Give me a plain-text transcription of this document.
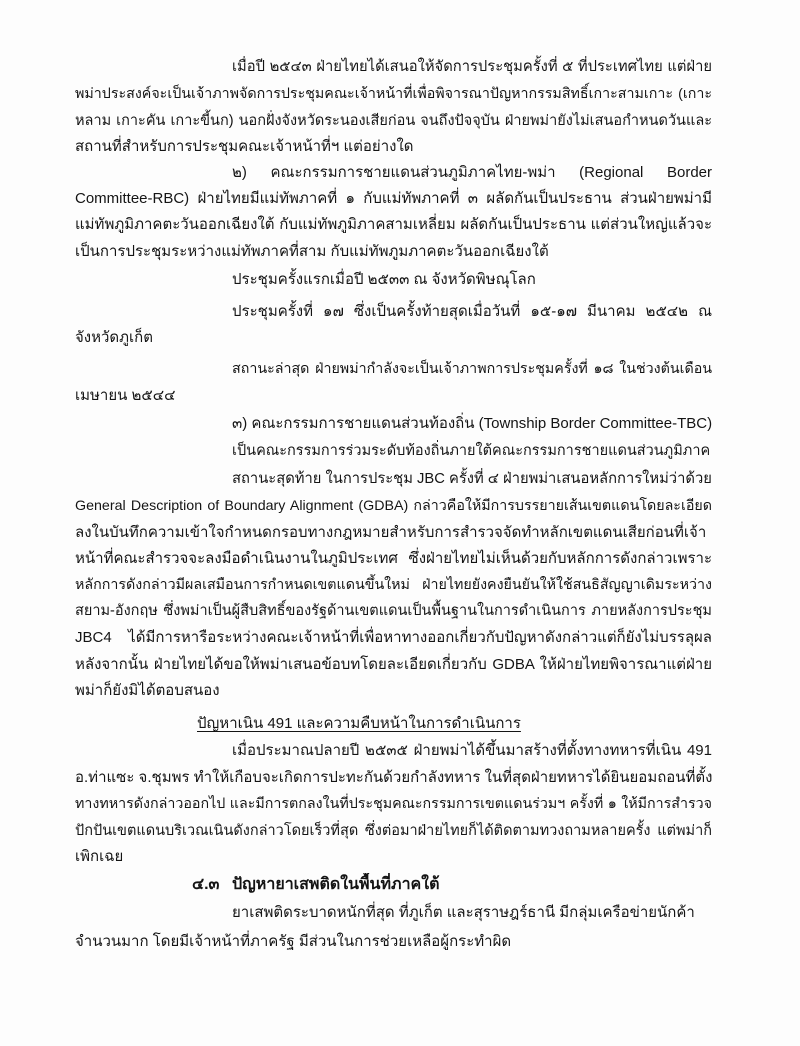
เมื่อปี ๒๕๔๓ ฝ่ายไทยได้เสนอให้จัดการประชุมครั้งที่ ๕ ที่ประเทศไทย แต่ฝ่าย
พม่าประสงค์จะเป็นเจ้าภาพจัดการประชุมคณะเจ้าหน้าที่เพื่อพิจารณาปัญหากรรมสิทธิ์เกาะสามเกาะ (เกาะ
หลาม เกาะคัน เกาะขี้นก) นอกฝั่งจังหวัดระนองเสียก่อน จนถึงปัจจุบัน ฝ่ายพม่ายังไม่เสนอกำหนดวันและ
สถานที่สำหรับการประชุมคณะเจ้าหน้าที่ฯ แต่อย่างใด
๒) คณะกรรมการชายแดนส่วนภูมิภาคไทย-พม่า (Regional Border
Committee-RBC) ฝ่ายไทยมีแม่ทัพภาคที่ ๑ กับแม่ทัพภาคที่ ๓ ผลัดกันเป็นประธาน ส่วนฝ่ายพม่ามี
แม่ทัพภูมิภาคตะวันออกเฉียงใต้ กับแม่ทัพภูมิภาคสามเหลี่ยม ผลัดกันเป็นประธาน แต่ส่วนใหญ่แล้วจะ
เป็นการประชุมระหว่างแม่ทัพภาคที่สาม กับแม่ทัพภูมภาคตะวันออกเฉียงใต้
ประชุมครั้งแรกเมื่อปี ๒๕๓๓ ณ จังหวัดพิษณุโลก
ประชุมครั้งที่ ๑๗ ซึ่งเป็นครั้งท้ายสุดเมื่อวันที่ ๑๕-๑๗ มีนาคม ๒๕๔๒ ณ
จังหวัดภูเก็ต
สถานะล่าสุด ฝ่ายพม่ากำลังจะเป็นเจ้าภาพการประชุมครั้งที่ ๑๘ ในช่วงต้นเดือน
เมษายน ๒๕๔๔
๓) คณะกรรมการชายแดนส่วนท้องถิ่น (Township Border Committee-TBC)
เป็นคณะกรรมการร่วมระดับท้องถิ่นภายใต้คณะกรรมการชายแดนส่วนภูมิภาค
สถานะสุดท้าย ในการประชุม JBC ครั้งที่ ๔ ฝ่ายพม่าเสนอหลักการใหม่ว่าด้วย
General Description of Boundary Alignment (GDBA) กล่าวคือให้มีการบรรยายเส้นเขตแดนโดยละเอียด
ลงในบันทึกความเข้าใจกำหนดกรอบทางกฎหมายสำหรับการสำรวจจัดทำหลักเขตแดนเสียก่อนที่เจ้า
หน้าที่คณะสำรวจจะลงมือดำเนินงานในภูมิประเทศ ซึ่งฝ่ายไทยไม่เห็นด้วยกับหลักการดังกล่าวเพราะ
หลักการดังกล่าวมีผลเสมือนการกำหนดเขตแดนขึ้นใหม่ ฝ่ายไทยยังคงยืนยันให้ใช้สนธิสัญญาเดิมระหว่าง
สยาม-อังกฤษ ซึ่งพม่าเป็นผู้สืบสิทธิ์ของรัฐด้านเขตแดนเป็นพื้นฐานในการดำเนินการ ภายหลังการประชุม
JBC4 ได้มีการหารือระหว่างคณะเจ้าหน้าที่เพื่อหาทางออกเกี่ยวกับปัญหาดังกล่าวแต่ก็ยังไม่บรรลุผล
หลังจากนั้น ฝ่ายไทยได้ขอให้พม่าเสนอข้อบทโดยละเอียดเกี่ยวกับ GDBA ให้ฝ่ายไทยพิจารณาแต่ฝ่าย
พม่าก็ยังมิได้ตอบสนอง
ปัญหาเนิน 491 และความคืบหน้าในการดำเนินการ
เมื่อประมาณปลายปี ๒๕๓๕ ฝ่ายพม่าได้ขึ้นมาสร้างที่ตั้งทางทหารที่เนิน 491
อ.ท่าแซะ จ.ชุมพร ทำให้เกือบจะเกิดการปะทะกันด้วยกำลังทหาร ในที่สุดฝ่ายทหารได้ยินยอมถอนที่ตั้ง
ทางทหารดังกล่าวออกไป และมีการตกลงในที่ประชุมคณะกรรมการเขตแดนร่วมฯ ครั้งที่ ๑ ให้มีการสำรวจ
ปักปันเขตแดนบริเวณเนินดังกล่าวโดยเร็วที่สุด ซึ่งต่อมาฝ่ายไทยก็ได้ติดตามทวงถามหลายครั้ง แต่พม่าก็
เพิกเฉย
๔.๓ ปัญหายาเสพติดในพื้นที่ภาคใต้
ยาเสพติดระบาดหนักที่สุด ที่ภูเก็ต และสุราษฎร์ธานี มีกลุ่มเครือข่ายนักค้า
จำนวนมาก โดยมีเจ้าหน้าที่ภาครัฐ มีส่วนในการช่วยเหลือผู้กระทำผิด
